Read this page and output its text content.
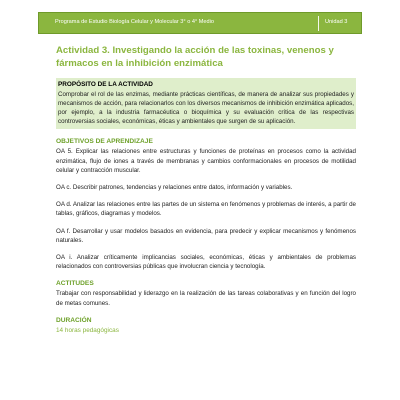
Programa de Estudio Biología Celular y Molecular 3° o 4° Medio	Unidad 3
Actividad 3. Investigando la acción de las toxinas, venenos y fármacos en la inhibición enzimática
PROPÓSITO DE LA ACTIVIDAD
Comprobar el rol de las enzimas, mediante prácticas científicas, de manera de analizar sus propiedades y mecanismos de acción, para relacionarlos con los diversos mecanismos de inhibición enzimática aplicados, por ejemplo, a la industria farmacéutica o bioquímica y su evaluación crítica de las respectivas controversias sociales, económicas, éticas y ambientales que surgen de su aplicación.
OBJETIVOS DE APRENDIZAJE
OA 5. Explicar las relaciones entre estructuras y funciones de proteínas en procesos como la actividad enzimática, flujo de iones a través de membranas y cambios conformacionales en procesos de motilidad celular y contracción muscular.
OA c. Describir patrones, tendencias y relaciones entre datos, información y variables.
OA d. Analizar las relaciones entre las partes de un sistema en fenómenos y problemas de interés, a partir de tablas, gráficos, diagramas y modelos.
OA f. Desarrollar y usar modelos basados en evidencia, para predecir y explicar mecanismos y fenómenos naturales.
OA i. Analizar críticamente implicancias sociales, económicas, éticas y ambientales de problemas relacionados con controversias públicas que involucran ciencia y tecnología.
ACTITUDES
Trabajar con responsabilidad y liderazgo en la realización de las tareas colaborativas y en función del logro de metas comunes.
DURACIÓN
14 horas pedagógicas
